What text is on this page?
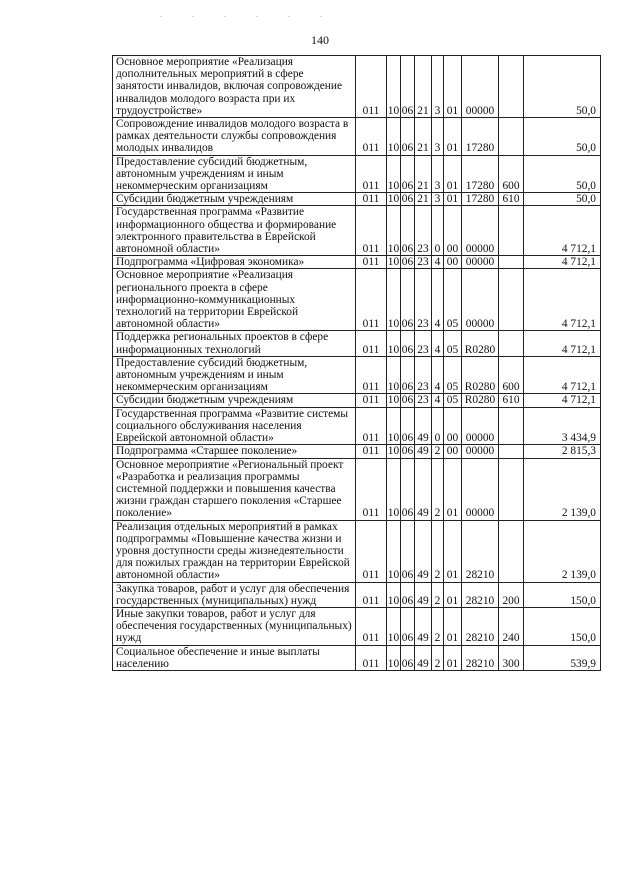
. . . . . .
140
Основное мероприятие «Реализация дополнительных мероприятий в сфере занятости инвалидов, включая сопровождение инвалидов молодого возраста при их трудоустройстве»	011	10	06	21	3	01	00000		50,0
Сопровождение инвалидов молодого возраста в рамках деятельности службы сопровождения молодых инвалидов	011	10	06	21	3	01	17280		50,0
Предоставление субсидий бюджетным, автономным учреждениям и иным некоммерческим организациям	011	10	06	21	3	01	17280	600	50,0
Субсидии бюджетным учреждениям	011	10	06	21	3	01	17280	610	50,0
Государственная программа «Развитие информационного общества и формирование электронного правительства в Еврейской автономной области»	011	10	06	23	0	00	00000		4 712,1
Подпрограмма «Цифровая экономика»	011	10	06	23	4	00	00000		4 712,1
Основное мероприятие «Реализация регионального проекта в сфере информационно-коммуникационных технологий на территории Еврейской автономной области»	011	10	06	23	4	05	00000		4 712,1
Поддержка региональных проектов в сфере информационных технологий	011	10	06	23	4	05	R0280		4 712,1
Предоставление субсидий бюджетным, автономным учреждениям и иным некоммерческим организациям	011	10	06	23	4	05	R0280	600	4 712,1
Субсидии бюджетным учреждениям	011	10	06	23	4	05	R0280	610	4 712,1
Государственная программа «Развитие системы социального обслуживания населения Еврейской автономной области»	011	10	06	49	0	00	00000		3 434,9
Подпрограмма «Старшее поколение»	011	10	06	49	2	00	00000		2 815,3
Основное мероприятие «Региональный проект «Разработка и реализация программы системной поддержки и повышения качества жизни граждан старшего поколения «Старшее поколение»	011	10	06	49	2	01	00000		2 139,0
Реализация отдельных мероприятий в рамках подпрограммы «Повышение качества жизни и уровня доступности среды жизнедеятельности для пожилых граждан на территории Еврейской автономной области»	011	10	06	49	2	01	28210		2 139,0
Закупка товаров, работ и услуг для обеспечения государственных (муниципальных) нужд	011	10	06	49	2	01	28210	200	150,0
Иные закупки товаров, работ и услуг для обеспечения государственных (муниципальных) нужд	011	10	06	49	2	01	28210	240	150,0
Социальное обеспечение и иные выплаты населению	011	10	06	49	2	01	28210	300	539,9
